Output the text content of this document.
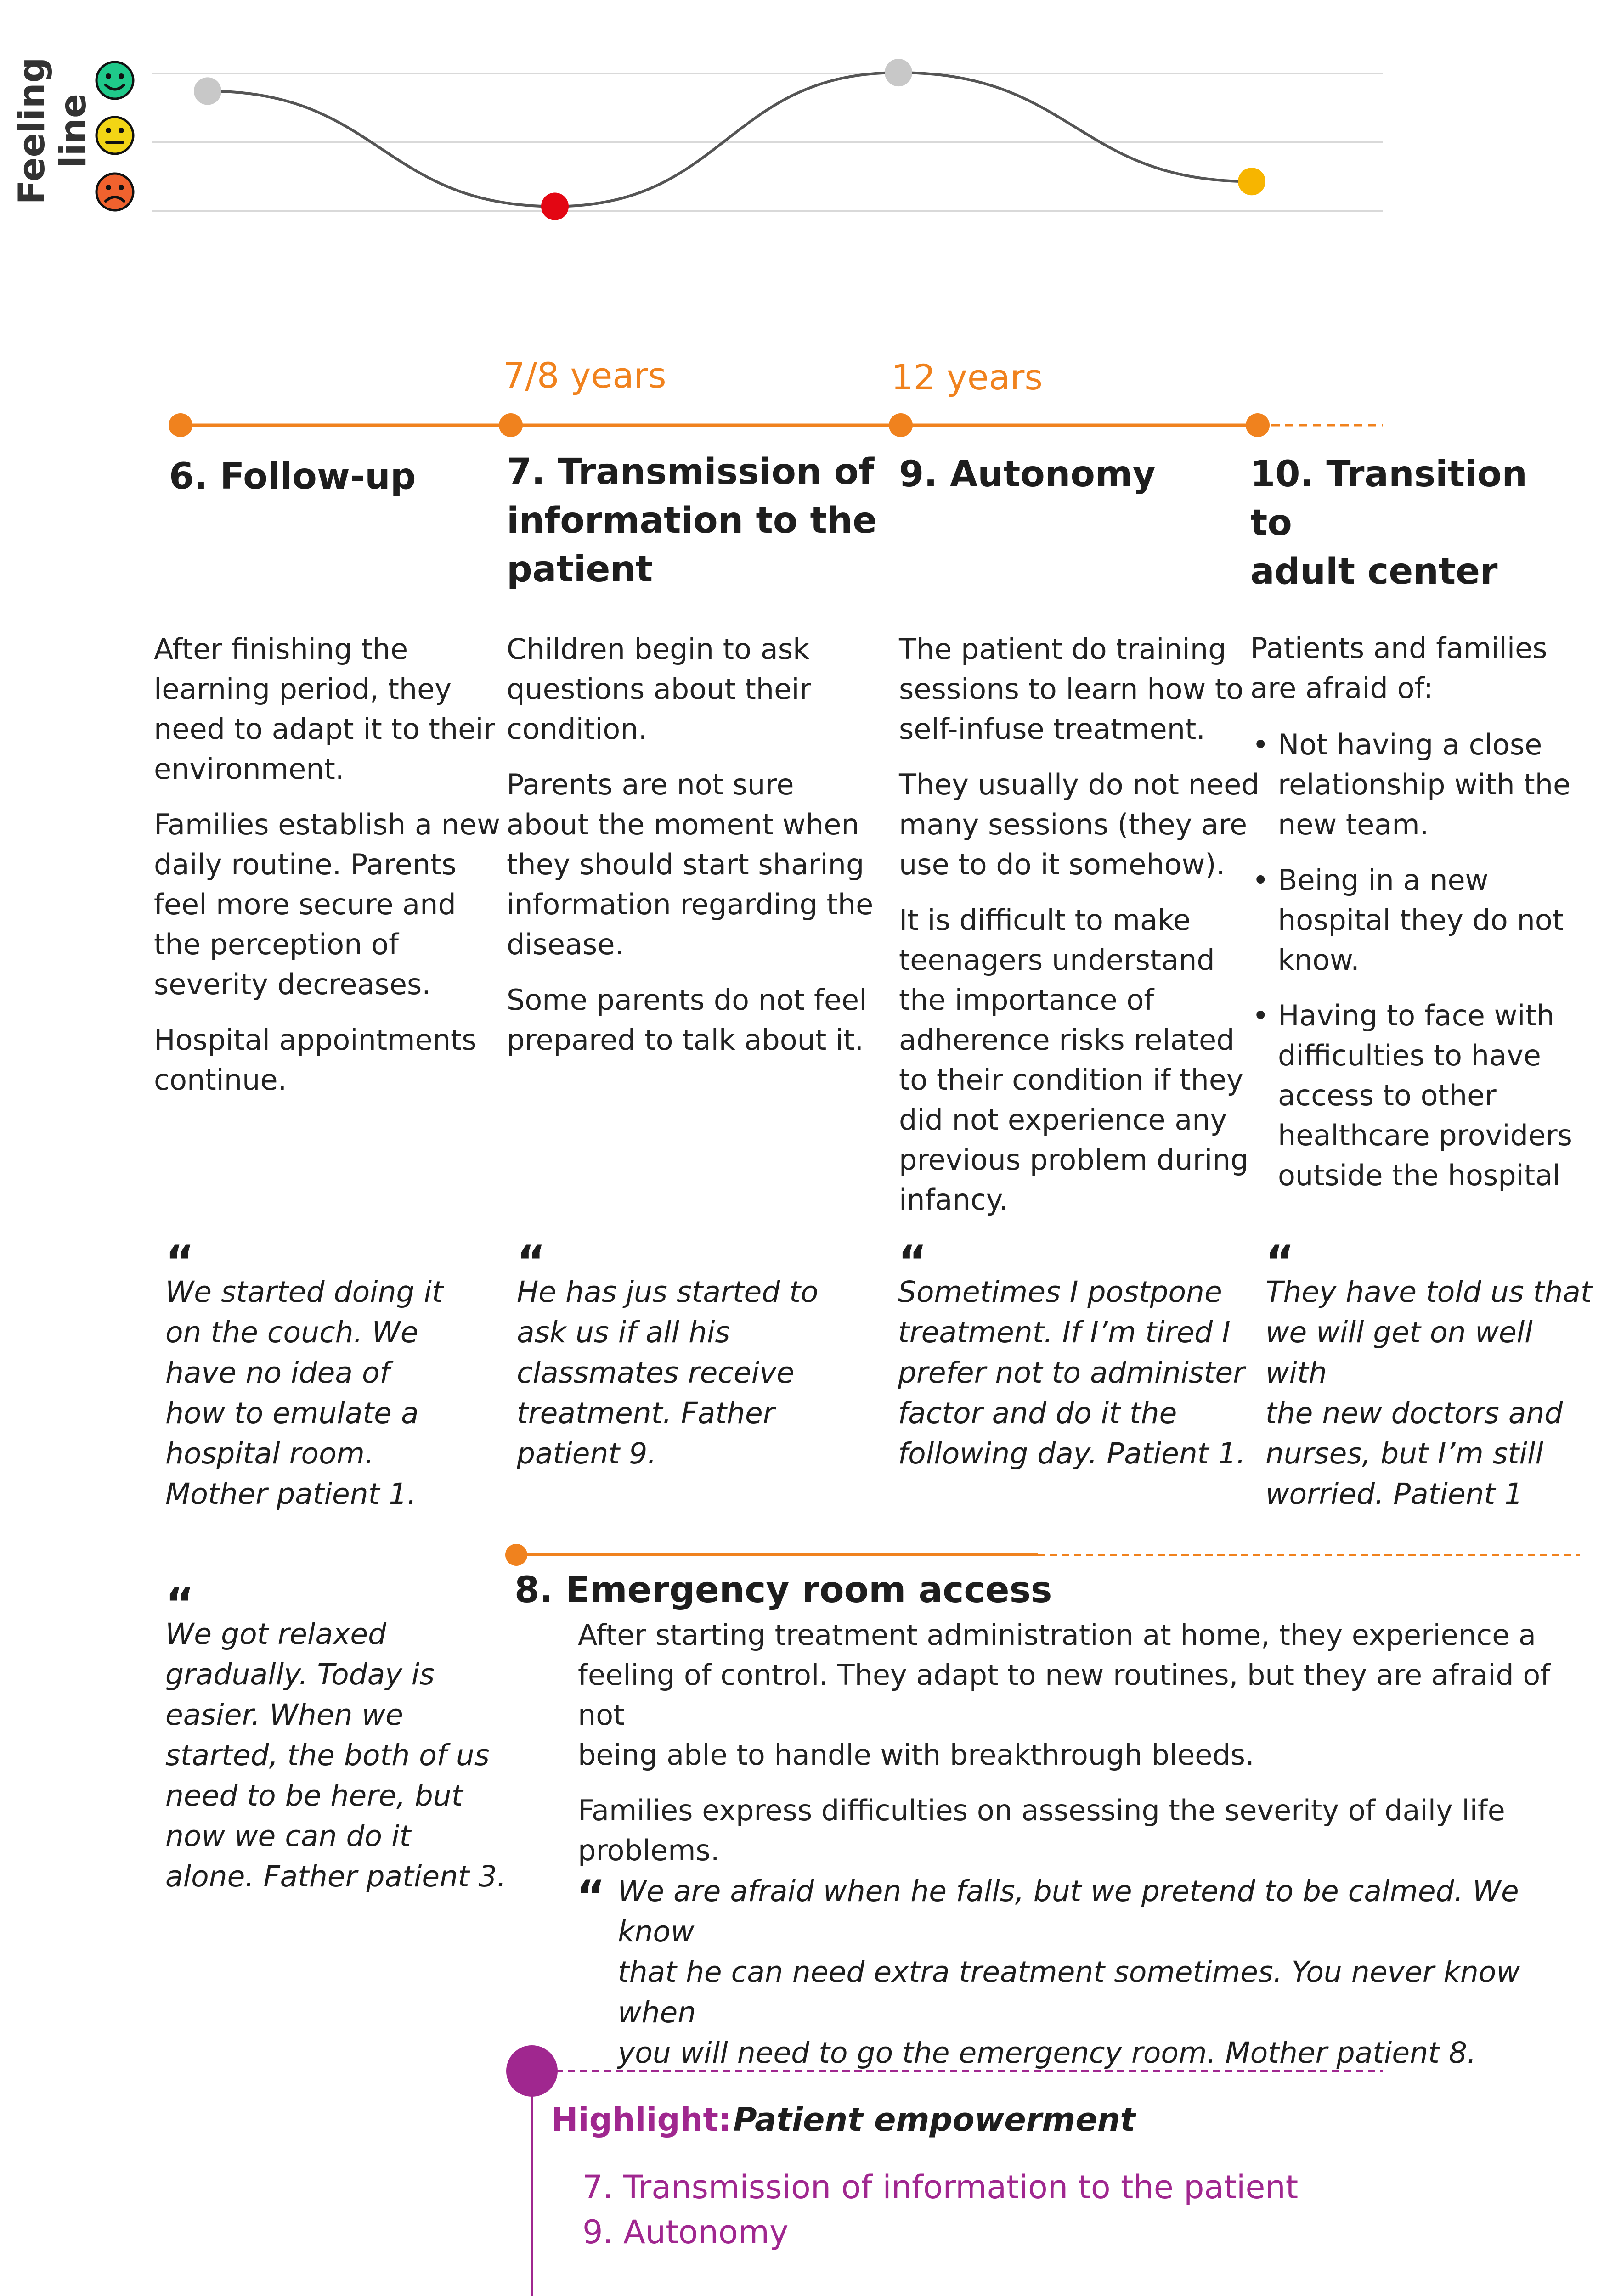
Feeling line
7/8 years	12 years
6. Follow-up

After finishing the
learning period, they
need to adapt it to their
environment.

Families establish a new
daily routine. Parents
feel more secure and
the perception of
severity decreases.

Hospital appointments
continue.

7. Transmission of
information to the
patient

Children begin to ask
questions about their
condition.

Parents are not sure
about the moment when
they should start sharing
information regarding the
disease.

Some parents do not feel
prepared to talk about it.

9. Autonomy

The patient do training
sessions to learn how to
self-infuse treatment.

They usually do not need
many sessions (they are
use to do it somehow).

It is difficult to make
teenagers understand
the importance of
adherence risks related
to their condition if they
did not experience any
previous problem during
infancy.

10. Transition to
adult center
Patients and families
are afraid of:
• Not having a close
relationship with the
new team.
• Being in a new
hospital they do not
know.
• Having to face with
difficulties to have
access to other
healthcare providers
outside the hospital
“
We started doing it
on the couch. We
have no idea of
how to emulate a
hospital room.
Mother patient 1.
“
He has jus started to
ask us if all his
classmates receive
treatment. Father
patient 9.
“
Sometimes I postpone
treatment. If I’m tired I
prefer not to administer
factor and do it the
following day. Patient 1.
“
They have told us that
we will get on well with
the new doctors and
nurses, but I’m still
worried. Patient 1
“
We got relaxed
gradually. Today is
easier. When we
started, the both of us
need to be here, but
now we can do it
alone. Father patient 3.
8. Emergency room access

After starting treatment administration at home, they experience a
feeling of control. They adapt to new routines, but they are afraid of not
being able to handle with breakthrough bleeds.

Families express difficulties on assessing the severity of daily life
problems.

“ We are afraid when he falls, but we pretend to be calmed. We know
that he can need extra treatment sometimes. You never know when
you will need to go the emergency room. Mother patient 8.
Highlight: Patient empowerment
7. Transmission of information to the patient
9. Autonomy
